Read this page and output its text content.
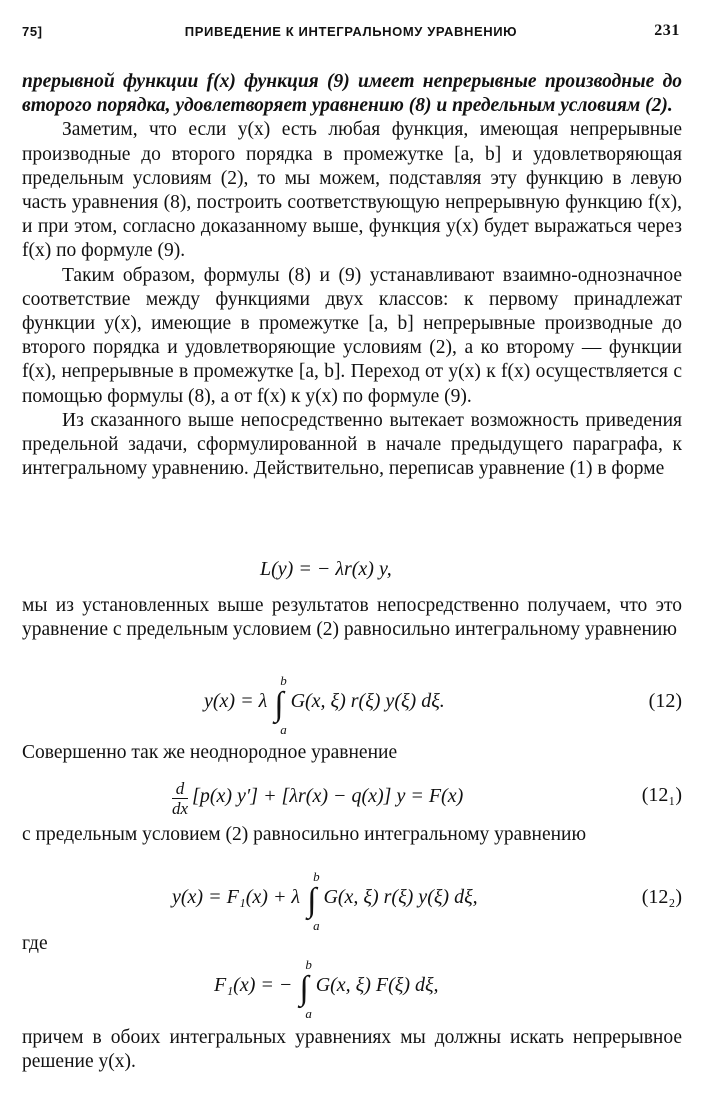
75]	ПРИВЕДЕНИЕ К ИНТЕГРАЛЬНОМУ УРАВНЕНИЮ	231

прерывной функции f(x) функция (9) имеет непрерывные производные до второго порядка, удовлетворяет уравнению (8) и предельным условиям (2).

Заметим, что если y(x) есть любая функция, имеющая непрерывные производные до второго порядка в промежутке [a, b] и удовлетворяющая предельным условиям (2), то мы можем, подставляя эту функцию в левую часть уравнения (8), построить соответствующую непрерывную функцию f(x), и при этом, согласно доказанному выше, функция y(x) будет выражаться через f(x) по формуле (9).

Таким образом, формулы (8) и (9) устанавливают взаимно-однозначное соответствие между функциями двух классов: к первому принадлежат функции y(x), имеющие в промежутке [a, b] непрерывные производные до второго порядка и удовлетворяющие условиям (2), а ко второму — функции f(x), непрерывные в промежутке [a, b]. Переход от y(x) к f(x) осуществляется с помощью формулы (8), а от f(x) к y(x) по формуле (9).

Из сказанного выше непосредственно вытекает возможность приведения предельной задачи, сформулированной в начале предыдущего параграфа, к интегральному уравнению. Действительно, переписав уравнение (1) в форме

L(y) = − λr(x) y,

мы из установленных выше результатов непосредственно получаем, что это уравнение с предельным условием (2) равносильно интегральному уравнению

y(x) = λ ∫
b
a
G(x, ξ) r(ξ) y(ξ) dξ.	(12)

Совершенно так же неоднородное уравнение

$\frac{d}{dx} [p(x) y'] + [\lambda r(x) - q(x)] y = F(x)$	(12₁)

с предельным условием (2) равносильно интегральному уравнению

y(x) = F₁(x) + λ ∫
b
a
G(x, ξ) r(ξ) y(ξ) dξ,	(12₂)

где

F₁(x) = − ∫
b
a
G(x, ξ) F(ξ) dξ,

причем в обоих интегральных уравнениях мы должны искать непрерывное решение y(x).
